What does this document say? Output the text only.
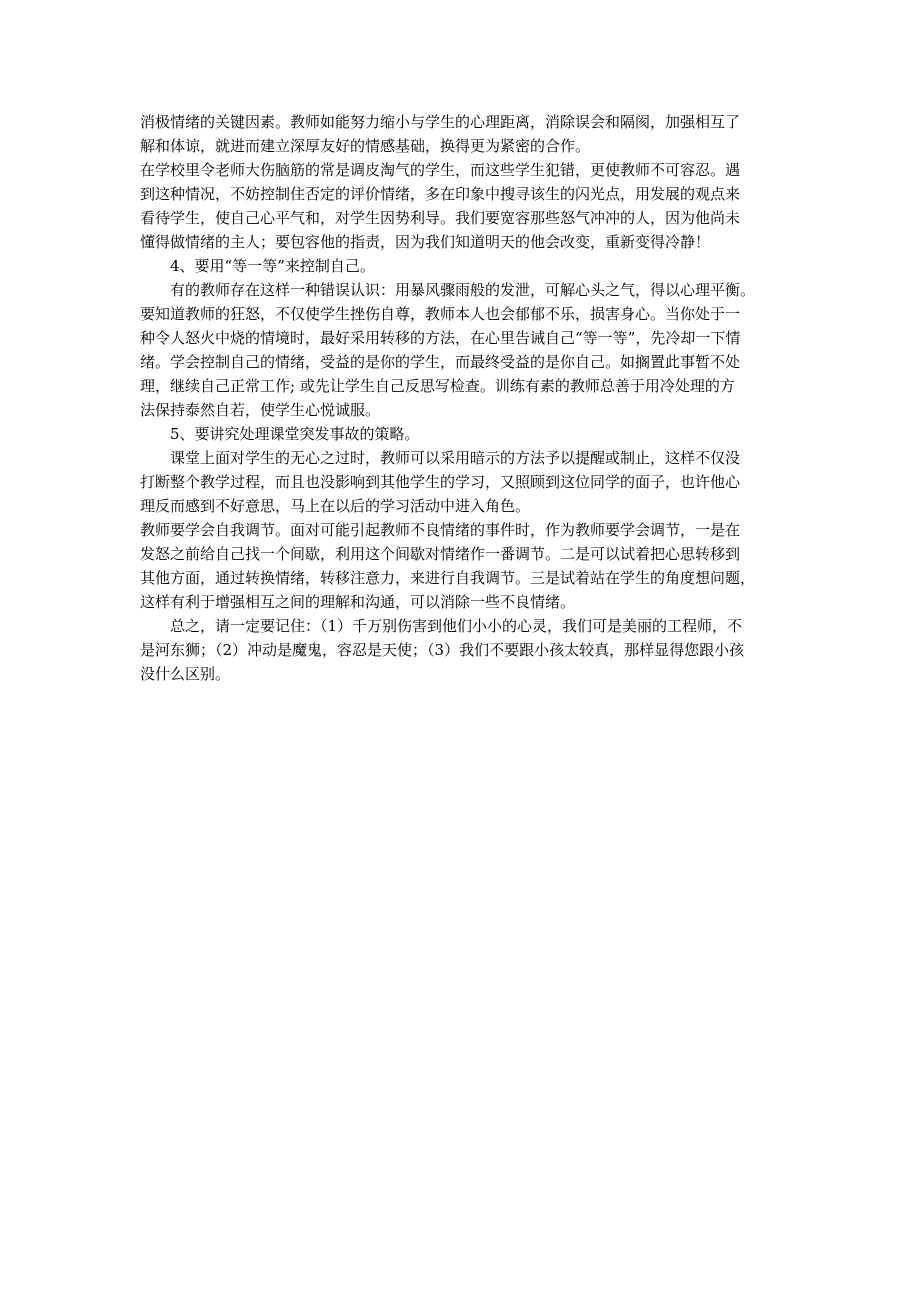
消极情绪的关键因素。教师如能努力缩小与学生的心理距离，消除误会和隔阂，加强相互了
解和体谅，就进而建立深厚友好的情感基础，换得更为紧密的合作。
在学校里令老师大伤脑筋的常是调皮淘气的学生，而这些学生犯错，更使教师不可容忍。遇
到这种情况，不妨控制住否定的评价情绪，多在印象中搜寻该生的闪光点，用发展的观点来
看待学生，使自己心平气和，对学生因势利导。我们要宽容那些怒气冲冲的人，因为他尚未
懂得做情绪的主人；要包容他的指责，因为我们知道明天的他会改变，重新变得冷静！
4、要用“等一等”来控制自己。
有的教师存在这样一种错误认识：用暴风骤雨般的发泄，可解心头之气，得以心理平衡。
要知道教师的狂怒，不仅使学生挫伤自尊，教师本人也会郁郁不乐，损害身心。当你处于一
种令人怒火中烧的情境时，最好采用转移的方法，在心里告诫自己“等一等”，先冷却一下情
绪。学会控制自己的情绪，受益的是你的学生，而最终受益的是你自己。如搁置此事暂不处
理，继续自己正常工作; 或先让学生自己反思写检查。训练有素的教师总善于用冷处理的方
法保持泰然自若，使学生心悦诚服。
5、要讲究处理课堂突发事故的策略。
课堂上面对学生的无心之过时，教师可以采用暗示的方法予以提醒或制止，这样不仅没
打断整个教学过程，而且也没影响到其他学生的学习，又照顾到这位同学的面子，也许他心
理反而感到不好意思，马上在以后的学习活动中进入角色。
教师要学会自我调节。面对可能引起教师不良情绪的事件时，作为教师要学会调节，一是在
发怒之前给自己找一个间歇，利用这个间歇对情绪作一番调节。二是可以试着把心思转移到
其他方面，通过转换情绪，转移注意力，来进行自我调节。三是试着站在学生的角度想问题，
这样有利于增强相互之间的理解和沟通，可以消除一些不良情绪。
总之，请一定要记住：（1）千万别伤害到他们小小的心灵，我们可是美丽的工程师，不
是河东狮；（2）冲动是魔鬼，容忍是天使；（3）我们不要跟小孩太较真，那样显得您跟小孩
没什么区别。
